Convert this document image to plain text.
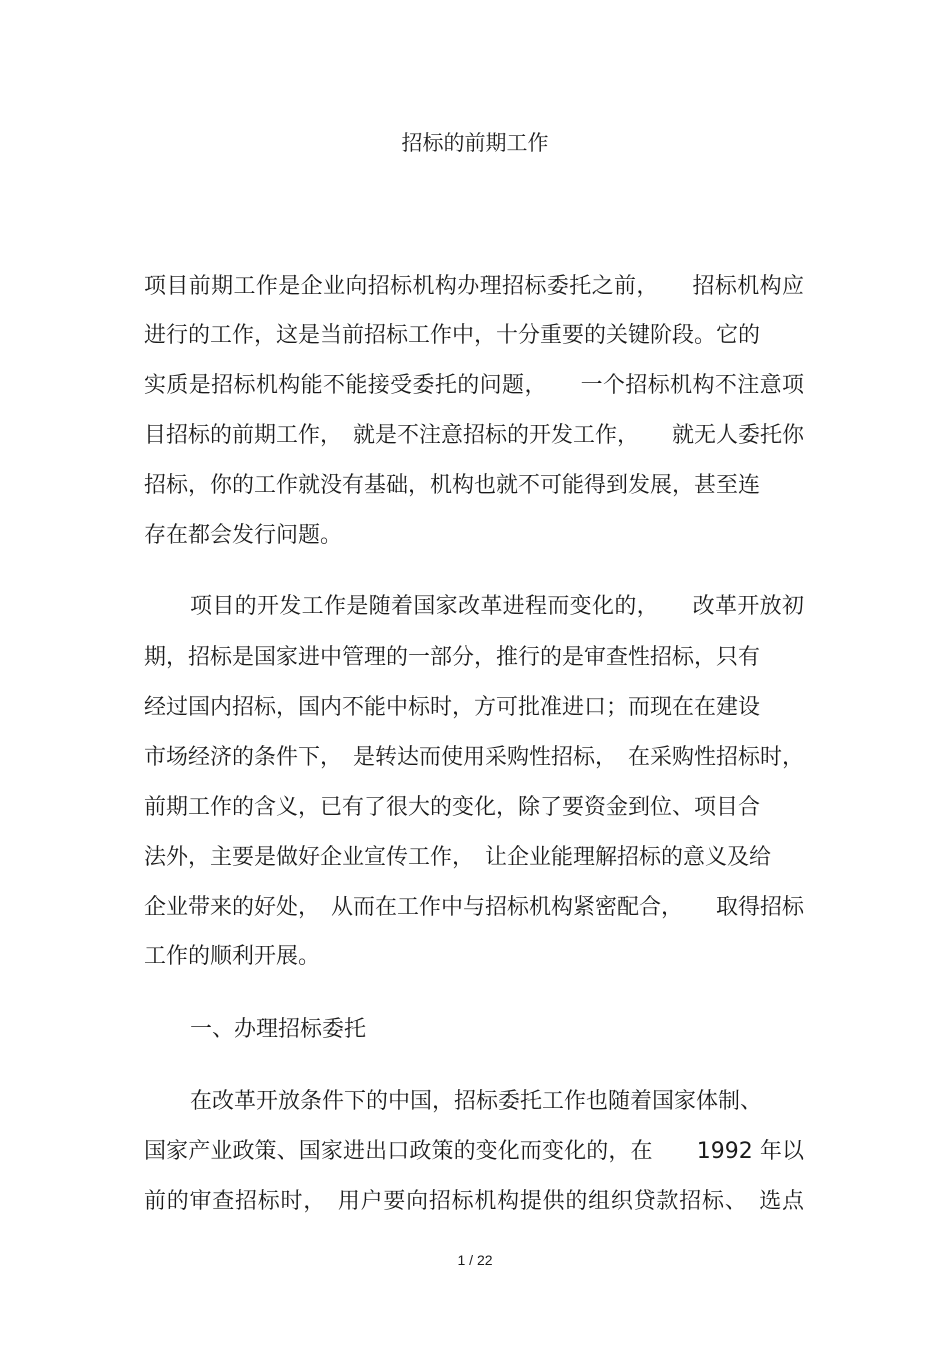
招标的前期工作
项目前期工作是企业向招标机构办理招标委托之前，　　招标机构应
进行的工作，这是当前招标工作中，十分重要的关键阶段。它的
实质是招标机构能不能接受委托的问题，　　一个招标机构不注意项
目招标的前期工作，　就是不注意招标的开发工作，　　就无人委托你
招标，你的工作就没有基础，机构也就不可能得到发展，甚至连
存在都会发行问题。
项目的开发工作是随着国家改革进程而变化的，　　改革开放初
期，招标是国家进中管理的一部分，推行的是审查性招标，只有
经过国内招标，国内不能中标时，方可批准进口；而现在在建设
市场经济的条件下，　是转达而使用采购性招标，　在采购性招标时，
前期工作的含义，已有了很大的变化，除了要资金到位、项目合
法外，主要是做好企业宣传工作，　让企业能理解招标的意义及给
企业带来的好处，　从而在工作中与招标机构紧密配合，　　取得招标
工作的顺利开展。
一、办理招标委托
在改革开放条件下的中国，招标委托工作也随着国家体制、
国家产业政策、国家进出口政策的变化而变化的，在　　1992 年以
前的审查招标时，　用户要向招标机构提供的组织贷款招标、　选点
1 / 22
